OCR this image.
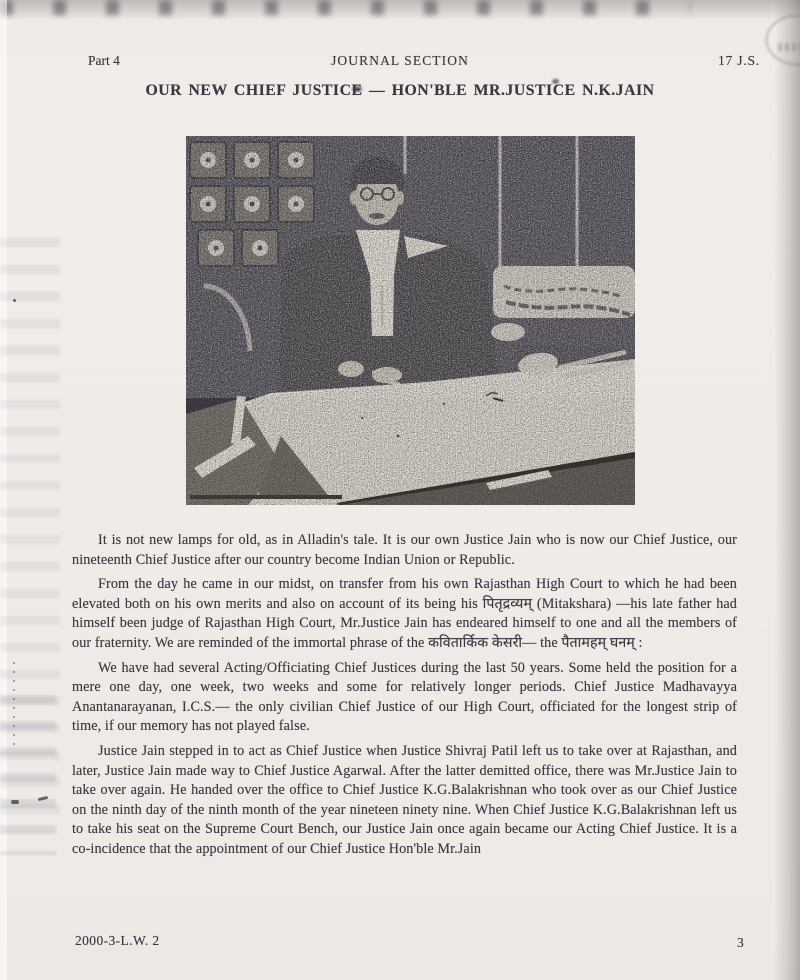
Part 4	JOURNAL SECTION	17 J.S.
OUR NEW CHIEF JUSTICE — HON'BLE MR.JUSTICE N.K.JAIN

It is not new lamps for old, as in Alladin's tale. It is our own Justice Jain who is now our Chief Justice, our nineteenth Chief Justice after our country become Indian Union or Republic.

From the day he came in our midst, on transfer from his own Rajasthan High Court to which he had been elevated both on his own merits and also on account of its being his पितृद्रव्यम् (Mitakshara) —his late father had himself been judge of Rajasthan High Court, Mr.Justice Jain has endeared himself to one and all the members of our fraternity. We are reminded of the immortal phrase of the कवितार्किक केसरी— the पैतामहम् घनम् :

We have had several Acting/Officiating Chief Justices during the last 50 years. Some held the position for a mere one day, one week, two weeks and some for relatively longer periods. Chief Justice Madhavayya Anantanarayanan, I.C.S.— the only civilian Chief Justice of our High Court, officiated for the longest strip of time, if our memory has not played false.

Justice Jain stepped in to act as Chief Justice when Justice Shivraj Patil left us to take over at Rajasthan, and later, Justice Jain made way to Chief Justice Agarwal. After the latter demitted office, there was Mr.Justice Jain to take over again. He handed over the office to Chief Justice K.G.Balakrishnan who took over as our Chief Justice on the ninth day of the ninth month of the year nineteen ninety nine. When Chief Justice K.G.Balakrishnan left us to take his seat on the Supreme Court Bench, our Justice Jain once again became our Acting Chief Justice. It is a co-incidence that the appointment of our Chief Justice Hon'ble Mr.Jain

2000-3-L.W. 2	3
